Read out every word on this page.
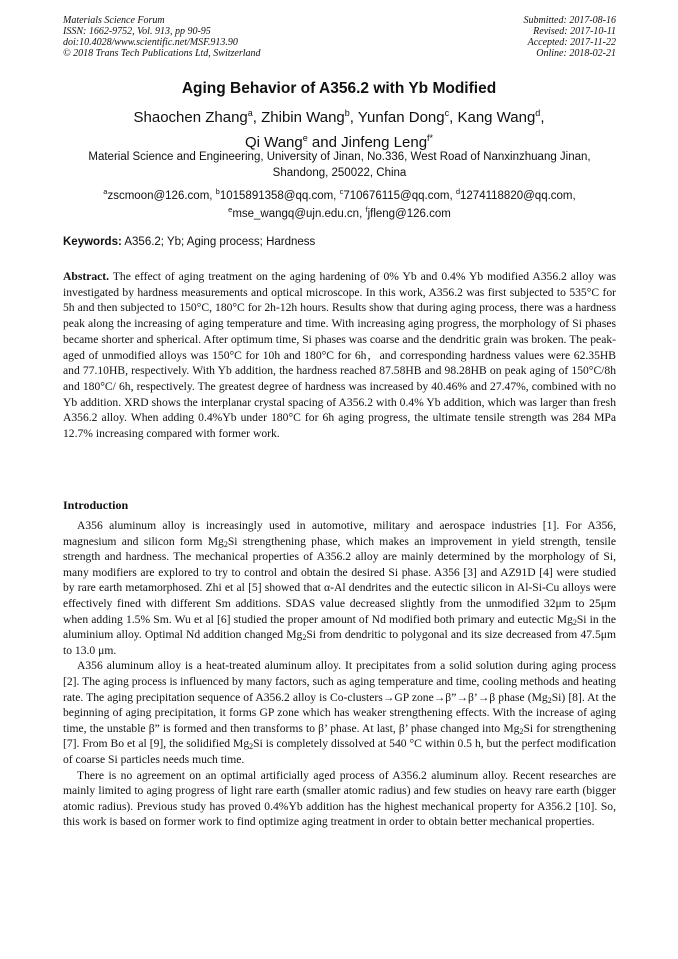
Materials Science Forum
ISSN: 1662-9752, Vol. 913, pp 90-95
doi:10.4028/www.scientific.net/MSF.913.90
© 2018 Trans Tech Publications Ltd, Switzerland
Submitted: 2017-08-16
Revised: 2017-10-11
Accepted: 2017-11-22
Online: 2018-02-21
Aging Behavior of A356.2 with Yb Modified
Shaochen Zhang$^a$, Zhibin Wang$^b$, Yunfan Dong$^c$, Kang Wang$^d$,
Qi Wang$^e$ and Jinfeng Leng$^{f*}$
Material Science and Engineering, University of Jinan, No.336, West Road of Nanxinzhuang Jinan, Shandong, 250022, China
$^a$zscmoon@126.com, $^b$1015891358@qq.com, $^c$710676115@qq.com, $^d$1274118820@qq.com,
$^e$mse_wangq@ujn.edu.cn, $^f$jfleng@126.com
Keywords: A356.2; Yb; Aging process; Hardness
Abstract. The effect of aging treatment on the aging hardening of 0% Yb and 0.4% Yb modified A356.2 alloy was investigated by hardness measurements and optical microscope. In this work, A356.2 was first subjected to 535°C for 5h and then subjected to 150°C, 180°C for 2h-12h hours. Results show that during aging process, there was a hardness peak along the increasing of aging temperature and time. With increasing aging progress, the morphology of Si phases became shorter and spherical. After optimum time, Si phases was coarse and the dendritic grain was broken. The peak-aged of unmodified alloys was 150°C for 10h and 180°C for 6h，and corresponding hardness values were 62.35HB and 77.10HB, respectively. With Yb addition, the hardness reached 87.58HB and 98.28HB on peak aging of 150°C/8h and 180°C/ 6h, respectively. The greatest degree of hardness was increased by 40.46% and 27.47%, combined with no Yb addition. XRD shows the interplanar crystal spacing of A356.2 with 0.4% Yb addition, which was larger than fresh A356.2 alloy. When adding 0.4%Yb under 180°C for 6h aging progress, the ultimate tensile strength was 284 MPa 12.7% increasing compared with former work.
Introduction

A356 aluminum alloy is increasingly used in automotive, military and aerospace industries [1]. For A356, magnesium and silicon form $Mg_2Si$ strengthening phase, which makes an improvement in yield strength, tensile strength and hardness. The mechanical properties of A356.2 alloy are mainly determined by the morphology of Si, many modifiers are explored to try to control and obtain the desired Si phase. A356 [3] and AZ91D [4] were studied by rare earth metamorphosed. Zhi et al [5] showed that α-Al dendrites and the eutectic silicon in Al-Si-Cu alloys were effectively fined with different Sm additions. SDAS value decreased slightly from the unmodified 32μm to 25μm when adding 1.5% Sm. Wu et al [6] studied the proper amount of Nd modified both primary and eutectic $Mg_2Si$ in the aluminium alloy. Optimal Nd addition changed $Mg_2Si$ from dendritic to polygonal and its size decreased from 47.5μm to 13.0 μm.

A356 aluminum alloy is a heat-treated aluminum alloy. It precipitates from a solid solution during aging process [2]. The aging process is influenced by many factors, such as aging temperature and time, cooling methods and heating rate. The aging precipitation sequence of A356.2 alloy is Co-clusters→GP zone→β”→β’→β phase $(Mg_2Si)$ [8]. At the beginning of aging precipitation, it forms GP zone which has weaker strengthening effects. With the increase of aging time, the unstable β” is formed and then transforms to β’ phase. At last, β’ phase changed into $Mg_2Si$ for strengthening [7]. From Bo et al [9], the solidified $Mg_2Si$ is completely dissolved at 540 °C within 0.5 h, but the perfect modification of coarse Si particles needs much time.

There is no agreement on an optimal artificially aged process of A356.2 aluminum alloy. Recent researches are mainly limited to aging progress of light rare earth (smaller atomic radius) and few studies on heavy rare earth (bigger atomic radius). Previous study has proved 0.4%Yb addition has the highest mechanical property for A356.2 [10]. So, this work is based on former work to find optimize aging treatment in order to obtain better mechanical properties.
